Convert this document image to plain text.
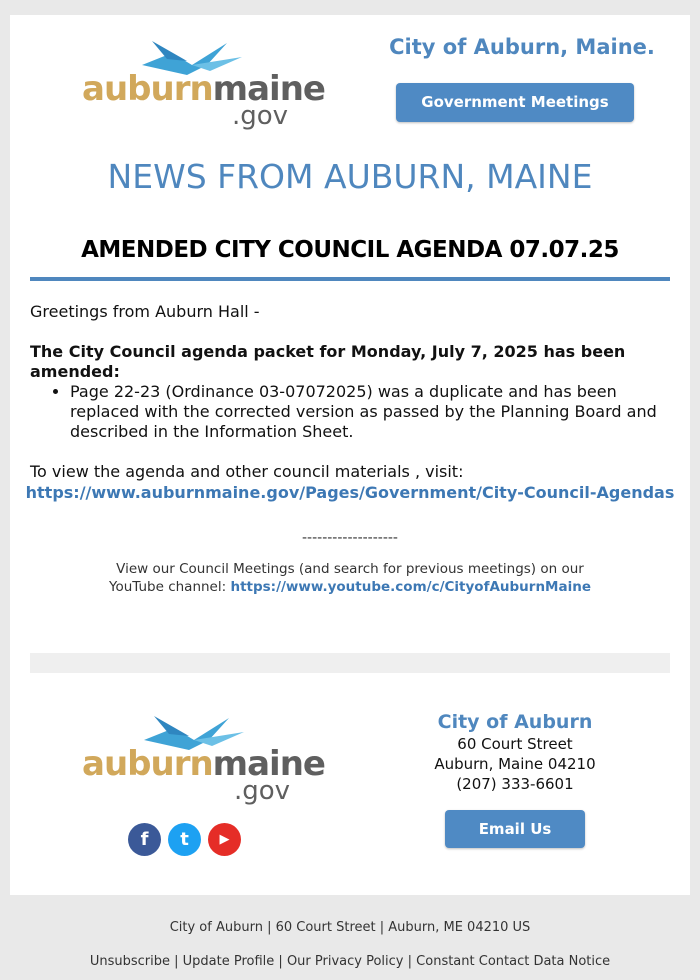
auburnmaine
.gov
City of Auburn, Maine.
Government Meetings
NEWS FROM AUBURN, MAINE
AMENDED CITY COUNCIL AGENDA 07.07.25
Greetings from Auburn Hall -
The City Council agenda packet for Monday, July 7, 2025 has been amended:
• Page 22-23 (Ordinance 03-07072025) was a duplicate and has been replaced with the corrected version as passed by the Planning Board and described in the Information Sheet.
To view the agenda and other council materials , visit:
https://www.auburnmaine.gov/Pages/Government/City-Council-Agendas
-------------------
View our Council Meetings (and search for previous meetings) on our YouTube channel: https://www.youtube.com/c/CityofAuburnMaine
auburnmaine
.gov
f	t	▶
City of Auburn
60 Court Street
Auburn, Maine 04210
(207) 333-6601
Email Us
City of Auburn | 60 Court Street | Auburn, ME 04210 US
Unsubscribe | Update Profile | Our Privacy Policy | Constant Contact Data Notice
